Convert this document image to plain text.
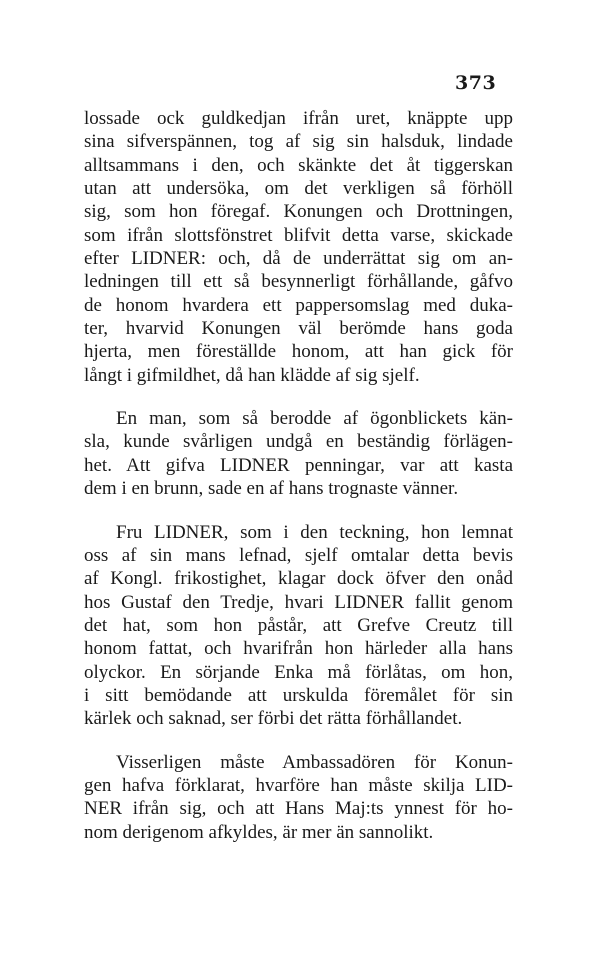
373

lossade ock guldkedjan ifrån uret, knäppte upp
sina sifverspännen, tog af sig sin halsduk, lindade
alltsammans i den, och skänkte det åt tiggerskan
utan att undersöka, om det verkligen så förhöll
sig, som hon föregaf. Konungen och Drottningen,
som ifrån slottsfönstret blifvit detta varse, skickade
efter LIDNER: och, då de underrättat sig om an-
ledningen till ett så besynnerligt förhållande, gåfvo
de honom hvardera ett pappersomslag med duka-
ter, hvarvid Konungen väl berömde hans goda
hjerta, men föreställde honom, att han gick för
långt i gifmildhet, då han klädde af sig sjelf.

En man, som så berodde af ögonblickets kän-
sla, kunde svårligen undgå en beständig förlägen-
het. Att gifva LIDNER penningar, var att kasta
dem i en brunn, sade en af hans trognaste vänner.

Fru LIDNER, som i den teckning, hon lemnat
oss af sin mans lefnad, sjelf omtalar detta bevis
af Kongl. frikostighet, klagar dock öfver den onåd
hos Gustaf den Tredje, hvari LIDNER fallit genom
det hat, som hon påstår, att Grefve Creutz till
honom fattat, och hvarifrån hon härleder alla hans
olyckor. En sörjande Enka må förlåtas, om hon,
i sitt bemödande att urskulda föremålet för sin
kärlek och saknad, ser förbi det rätta förhållandet.

Visserligen måste Ambassadören för Konun-
gen hafva förklarat, hvarföre han måste skilja LID-
NER ifrån sig, och att Hans Maj:ts ynnest för ho-
nom derigenom afkyldes, är mer än sannolikt.
